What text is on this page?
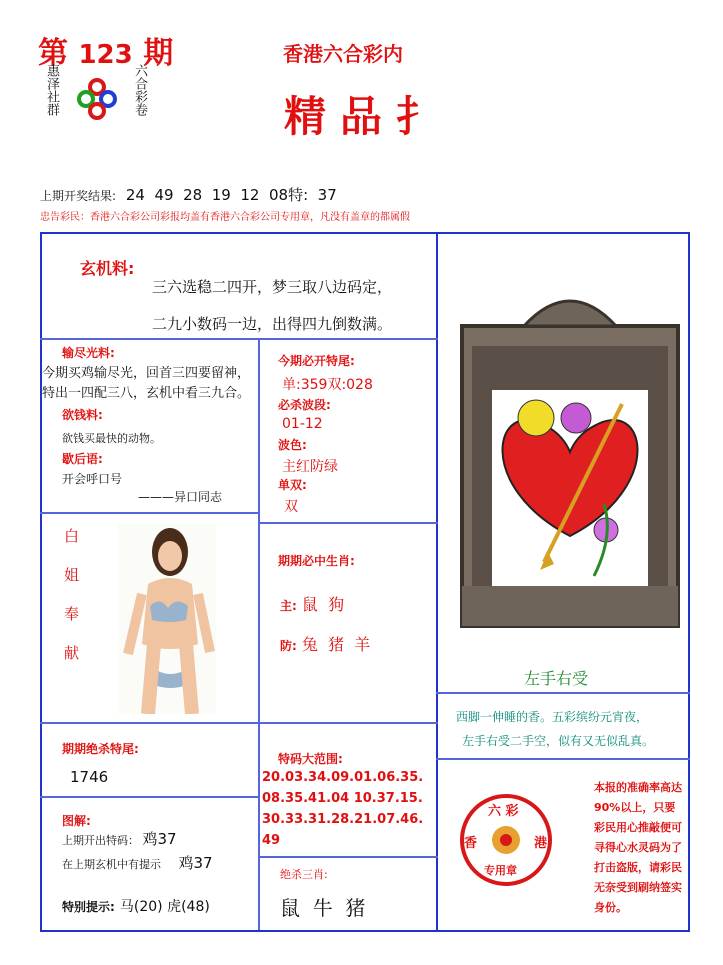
第 123 期
惠泽社群	六合彩卷
香港六合彩内
精品扌
上期开奖结果: 24  49  28  19  12  08特:  37
忠告彩民：香港六合彩公司彩报均盖有香港六合彩公司专用章，凡没有盖章的都属假
玄机料:
三六选稳二四开，梦三取八边码定，
二九小数码一边，出得四九倒数满。
输尽光料:
今期买鸡输尽光，回首三四要留神，
特出一四配三八，玄机中看三九合。
欲钱料:
欲钱买最快的动物。
歇后语:
开会呼口号
———异口同志
白姐奉献
期期绝杀特尾:
1746
图解:
上期开出特码： 鸡37
在上期玄机中有提示 鸡37
特别提示: 马(20) 虎(48)
今期必开特尾:
单:359双:028
必杀波段:
01-12
波色:
主红防绿
单双:
双
期期必中生肖:
主: 鼠  狗
防: 兔  猪  羊
特码大范围:
20.03.34.09.01.06.35.
08.35.41.04 10.37.15.
30.33.31.28.21.07.46.
49
绝杀三肖:
鼠  牛  猪
左手右受
西脚一伸睡的香。五彩缤纷元宵夜，
左手右受二手空，似有又无似乱真。
六 彩
香	港
专用章
本报的准确率高达90%以上，只要彩民用心推敲便可寻得心水灵码为了打击盗版，请彩民无奈受到刷纳签实身份。
